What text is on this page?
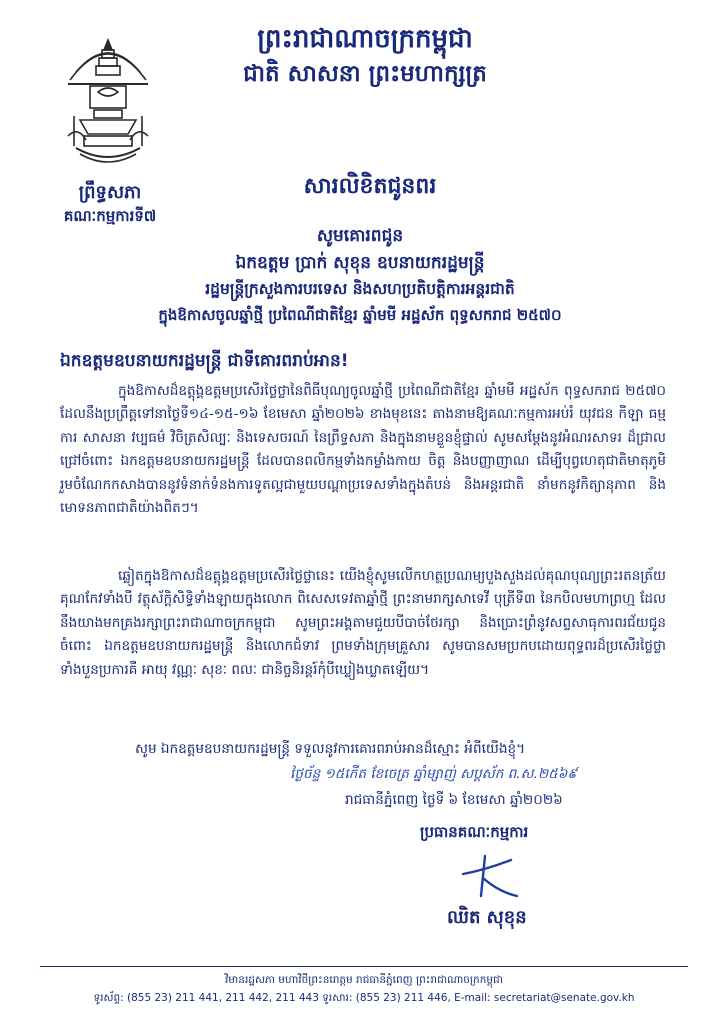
ព្រះរាជាណាចក្រកម្ពុជា
ជាតិ សាសនា ព្រះមហាក្សត្រ
ព្រឹទ្ធសភា
គណៈកម្មការទី៧
សារលិខិតជូនពរ
សូមគោរពជូន
ឯកឧត្តម ប្រាក់ សុខុន ឧបនាយករដ្ឋមន្ត្រី
រដ្ឋមន្ត្រីក្រសួងការបរទេស និងសហប្រតិបត្តិការអន្តរជាតិ
ក្នុងឱកាសចូលឆ្នាំថ្មី ប្រពៃណីជាតិខ្មែរ ឆ្នាំមមី អដ្ឋស័ក ពុទ្ធសករាជ ២៥៧០
ឯកឧត្តមឧបនាយករដ្ឋមន្ត្រី ជាទីគោរពរាប់អាន!
ក្នុងឱកាសដ៏ឧត្តុង្គឧត្តមប្រសើរថ្លៃថ្លានៃពិធីបុណ្យចូលឆ្នាំថ្មី ប្រពៃណីជាតិខ្មែរ ឆ្នាំមមី អដ្ឋស័ក ពុទ្ធសករាជ ២៥៧០ ដែលនឹងប្រព្រឹត្តទៅនាថ្ងៃទី១៤-១៥-១៦ ខែមេសា ឆ្នាំ២០២៦ ខាងមុខនេះ តាងនាមឱ្យគណៈកម្មការអប់រំ យុវជន កីឡា ធម្មការ សាសនា វប្បធម៌ វិចិត្រសិល្បៈ និងទេសចរណ៍ នៃព្រឹទ្ធសភា និងក្នុងនាមខ្លួនខ្ញុំផ្ទាល់ សូមសម្តែងនូវអំណរសាទរ ដ៏ជ្រាលជ្រៅចំពោះ ឯកឧត្តមឧបនាយករដ្ឋមន្ត្រី ដែលបានពលិកម្មទាំងកម្លាំងកាយ ចិត្ត និងបញ្ញាញាណ ដើម្បីបុព្វហេតុជាតិមាតុភូមិ រួមចំណែកកសាងបាននូវទំនាក់ទំនងការទូតល្អជាមួយបណ្តាប្រទេសទាំងក្នុងតំបន់ និងអន្តរជាតិ នាំមកនូវកិត្យានុភាព និងមោទនភាពជាតិយ៉ាងពិតៗ។
ឆ្លៀតក្នុងឱកាសដ៏ឧត្តុង្គឧត្តមប្រសើរថ្លៃថ្លានេះ យើងខ្ញុំសូមលើកហត្ថប្រណម្យបួងសួងដល់គុណបុណ្យព្រះរតនត្រ័យគុណកែវទាំងបី វត្ថុស័ក្តិសិទ្ធិទាំងឡាយក្នុងលោក ពិសេសទេវតាឆ្នាំថ្មី ព្រះនាមរាក្សសាទេវី បុត្រីទី៣ នៃកបិលមហាព្រហ្ម ដែលនឹងយាងមកគ្រងរក្សាព្រះរាជាណាចក្រកម្ពុជា សូមព្រះអង្គតាមជួយបីបាច់ថែរក្សា និងប្រោះព្រំនូវសព្ទសាធុការពរជ័យជូនចំពោះ ឯកឧត្តមឧបនាយករដ្ឋមន្ត្រី និងលោកជំទាវ ព្រមទាំងក្រុមគ្រួសារ សូមបានសមប្រកបដោយពុទ្ធពរដ៏ប្រសើរថ្លៃថ្លាទាំងបួនប្រការគឺ អាយុ វណ្ណៈ សុខៈ ពលៈ ជានិច្ចនិរន្តរ៍កុំបីឃ្លៀងឃ្លាតឡើយ។
សូម ឯកឧត្តមឧបនាយករដ្ឋមន្ត្រី ទទួលនូវការគោរពរាប់អានដ៏ស្មោះ អំពីយើងខ្ញុំ។
ថ្ងៃច័ន្ទ ១៥កើត ខែចេត្រ ឆ្នាំម្សាញ់ សប្តស័ក ព.ស.២៥៦៩
រាជធានីភ្នំពេញ ថ្ងៃទី ៦ ខែមេសា ឆ្នាំ២០២៦
ប្រធានគណៈកម្មការ
ឈិត សុខុន
វិមានរដ្ឋសភា មហាវិថីព្រះនរោត្តម រាជធានីភ្នំពេញ ព្រះរាជាណាចក្រកម្ពុជា
ទូរស័ព្ទ: (855 23) 211 441, 211 442, 211 443 ទូរសារ: (855 23) 211 446, E-mail: secretariat@senate.gov.kh
